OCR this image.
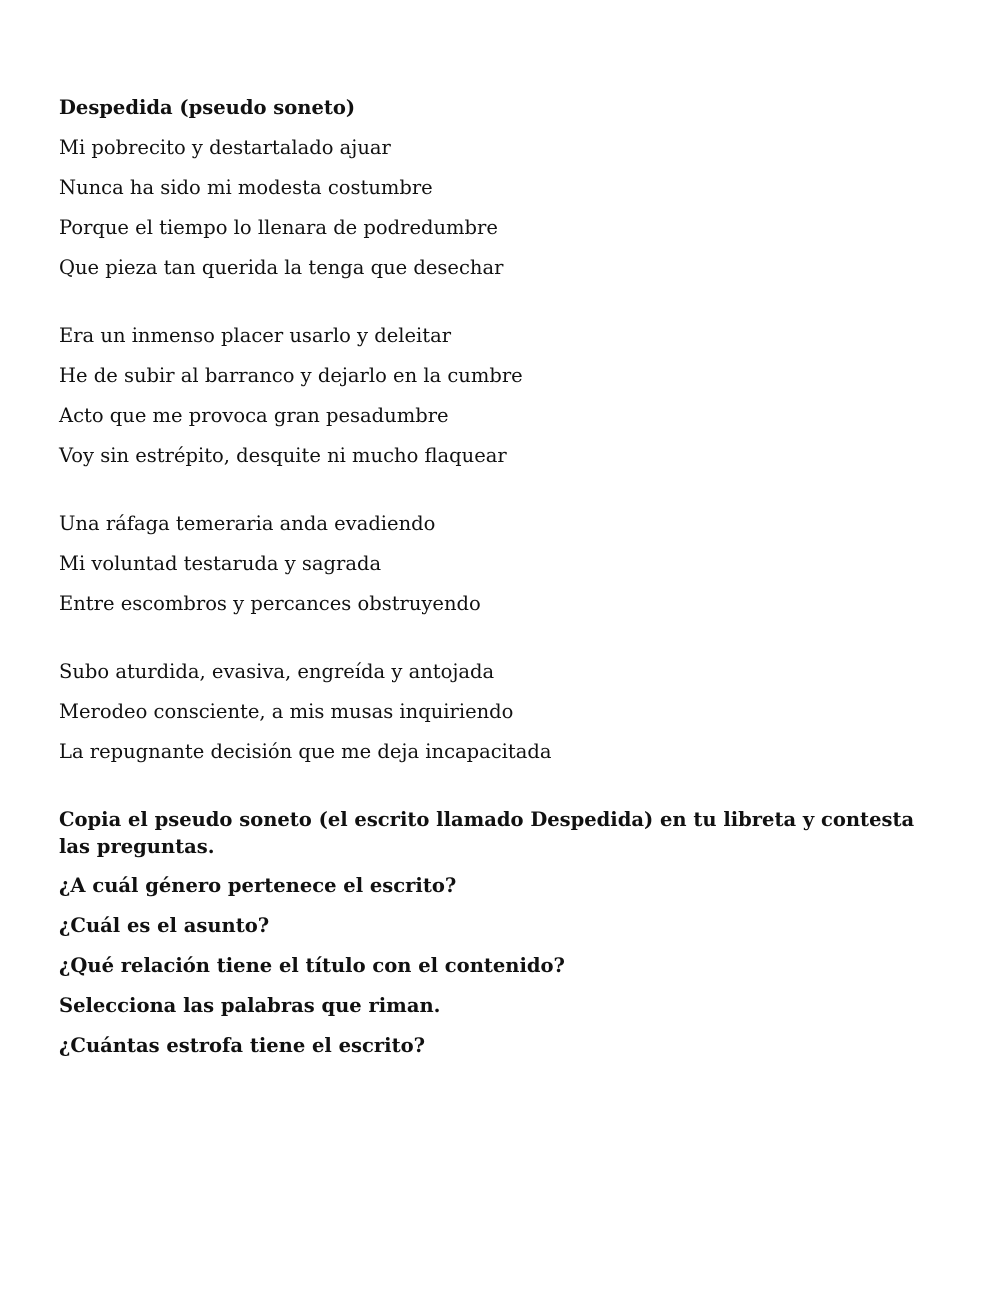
Despedida (pseudo soneto)
Mi pobrecito y destartalado ajuar
Nunca ha sido mi modesta costumbre
Porque el tiempo lo llenara de podredumbre
Que pieza tan querida la tenga que desechar
Era un inmenso placer usarlo y deleitar
He de subir al barranco y dejarlo en la cumbre
Acto que me provoca gran pesadumbre
Voy sin estrépito, desquite ni mucho flaquear
Una ráfaga temeraria anda evadiendo
Mi voluntad testaruda y sagrada
Entre escombros y percances obstruyendo
Subo aturdida, evasiva, engreída y antojada
Merodeo consciente, a mis musas inquiriendo
La repugnante decisión que me deja incapacitada
Copia el pseudo soneto (el escrito llamado Despedida) en tu libreta y contesta las preguntas.
¿A cuál género pertenece el escrito?
¿Cuál es el asunto?
¿Qué relación tiene el título con el contenido?
Selecciona las palabras que riman.
¿Cuántas estrofa tiene el escrito?
